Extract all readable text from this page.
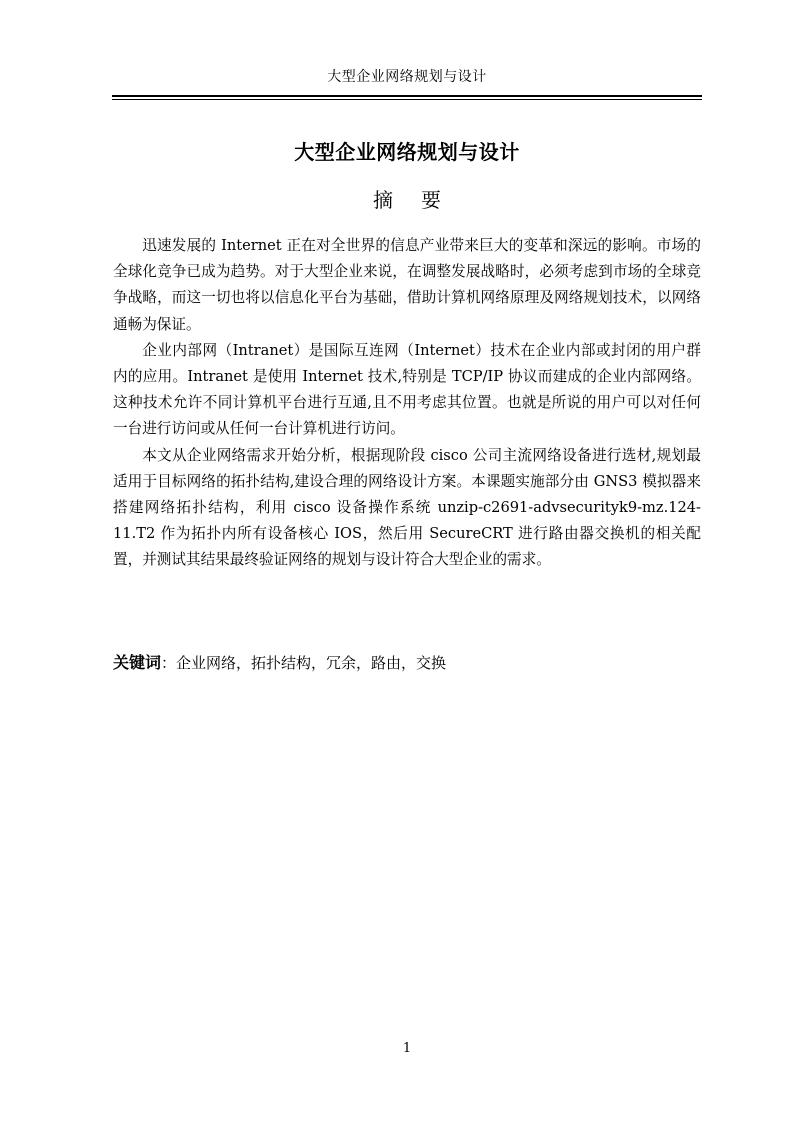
大型企业网络规划与设计
大型企业网络规划与设计
摘 要

迅速发展的 Internet 正在对全世界的信息产业带来巨大的变革和深远的影响。市场的全球化竞争已成为趋势。对于大型企业来说，在调整发展战略时，必须考虑到市场的全球竞争战略，而这一切也将以信息化平台为基础，借助计算机网络原理及网络规划技术，以网络通畅为保证。

企业内部网（Intranet）是国际互连网（Internet）技术在企业内部或封闭的用户群内的应用。Intranet 是使用 Internet 技术,特别是 TCP/IP 协议而建成的企业内部网络。这种技术允许不同计算机平台进行互通,且不用考虑其位置。也就是所说的用户可以对任何一台进行访问或从任何一台计算机进行访问。

本文从企业网络需求开始分析，根据现阶段 cisco 公司主流网络设备进行选材,规划最适用于目标网络的拓扑结构,建设合理的网络设计方案。本课题实施部分由 GNS3 模拟器来搭建网络拓扑结构，利用 cisco 设备操作系统 unzip-c2691-advsecurityk9-mz.124-11.T2 作为拓扑内所有设备核心 IOS，然后用 SecureCRT 进行路由器交换机的相关配置，并测试其结果最终验证网络的规划与设计符合大型企业的需求。

关键词：企业网络，拓扑结构，冗余，路由，交换
1
